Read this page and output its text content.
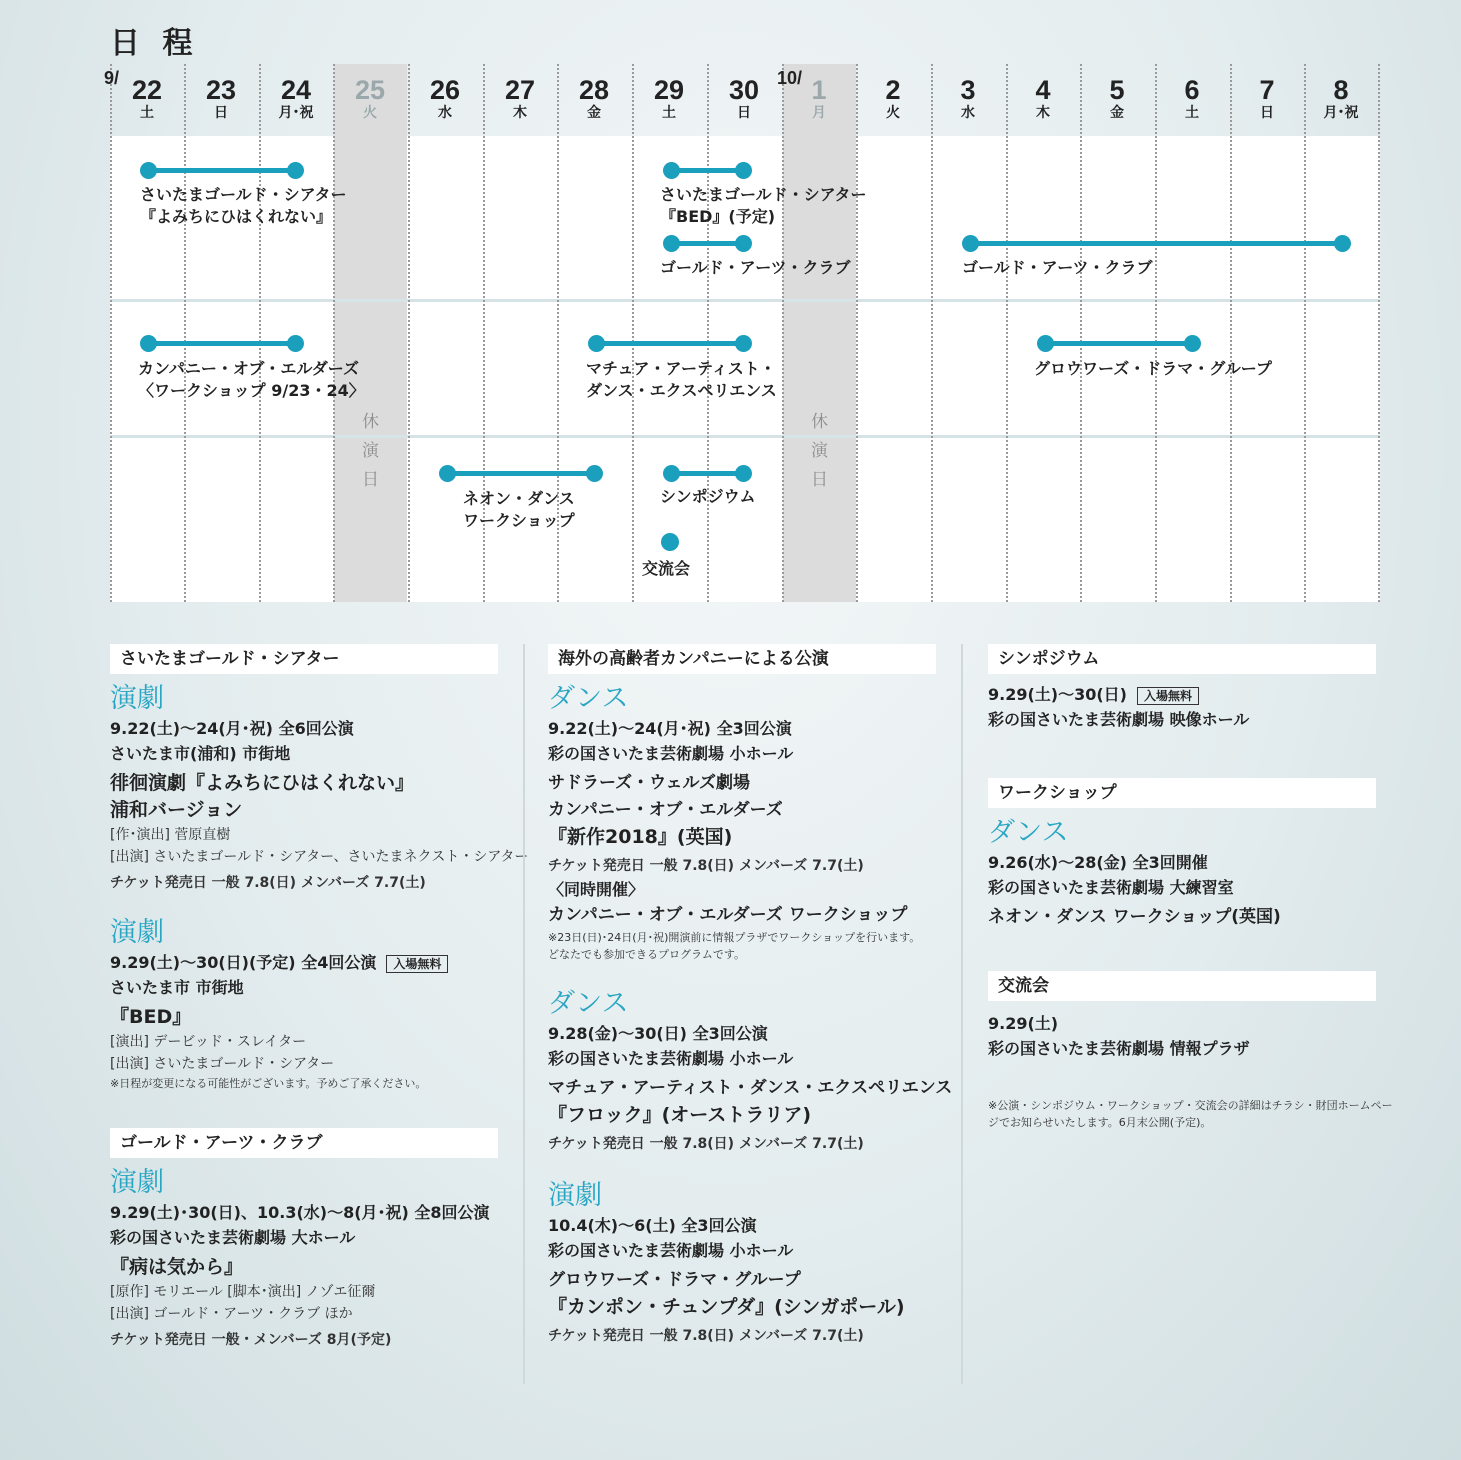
日 程
9/	10/
22
土
23
日
24
月･祝
25
火
26
水
27
木
28
金
29
土
30
日
1
月
2
火
3
水
4
木
5
金
6
土
7
日
8
月･祝
休
演
日
休
演
日
さいたまゴールド・シアター
『よみちにひはくれない』
さいたまゴールド・シアター
『BED』(予定)
ゴールド・アーツ・クラブ	ゴールド・アーツ・クラブ
カンパニー・オブ・エルダーズ
〈ワークショップ 9/23・24〉
マチュア・アーティスト・
ダンス・エクスペリエンス
グロウワーズ・ドラマ・グループ
ネオン・ダンス
ワークショップ
シンポジウム
交流会
さいたまゴールド・シアター
演劇
9.22(土)〜24(月･祝) 全6回公演
さいたま市(浦和) 市街地
徘徊演劇『よみちにひはくれない』
浦和バージョン
[作･演出] 菅原直樹
[出演] さいたまゴールド・シアター、さいたまネクスト・シアター
チケット発売日 一般 7.8(日) メンバーズ 7.7(土)
演劇
9.29(土)〜30(日)(予定) 全4回公演 入場無料
さいたま市 市街地
『BED』
[演出] デービッド・スレイター
[出演] さいたまゴールド・シアター
※日程が変更になる可能性がございます。予めご了承ください。
ゴールド・アーツ・クラブ
演劇
9.29(土)･30(日)、10.3(水)〜8(月･祝) 全8回公演
彩の国さいたま芸術劇場 大ホール
『病は気から』
[原作] モリエール [脚本･演出] ノゾエ征爾
[出演] ゴールド・アーツ・クラブ ほか
チケット発売日 一般・メンバーズ 8月(予定)
海外の高齢者カンパニーによる公演
ダンス
9.22(土)〜24(月･祝) 全3回公演
彩の国さいたま芸術劇場 小ホール
サドラーズ・ウェルズ劇場
カンパニー・オブ・エルダーズ
『新作2018』(英国)
チケット発売日 一般 7.8(日) メンバーズ 7.7(土)
〈同時開催〉
カンパニー・オブ・エルダーズ ワークショップ
※23日(日)･24日(月･祝)開演前に情報プラザでワークショップを行います。
どなたでも参加できるプログラムです。
ダンス
9.28(金)〜30(日) 全3回公演
彩の国さいたま芸術劇場 小ホール
マチュア・アーティスト・ダンス・エクスペリエンス
『フロック』(オーストラリア)
チケット発売日 一般 7.8(日) メンバーズ 7.7(土)
演劇
10.4(木)〜6(土) 全3回公演
彩の国さいたま芸術劇場 小ホール
グロウワーズ・ドラマ・グループ
『カンポン・チュンプダ』(シンガポール)
チケット発売日 一般 7.8(日) メンバーズ 7.7(土)
シンポジウム
9.29(土)〜30(日) 入場無料
彩の国さいたま芸術劇場 映像ホール
ワークショップ
ダンス
9.26(水)〜28(金) 全3回開催
彩の国さいたま芸術劇場 大練習室
ネオン・ダンス ワークショップ(英国)
交流会
9.29(土)
彩の国さいたま芸術劇場 情報プラザ
※公演・シンポジウム・ワークショップ・交流会の詳細はチラシ・財団ホームペー
ジでお知らせいたします。6月末公開(予定)。
